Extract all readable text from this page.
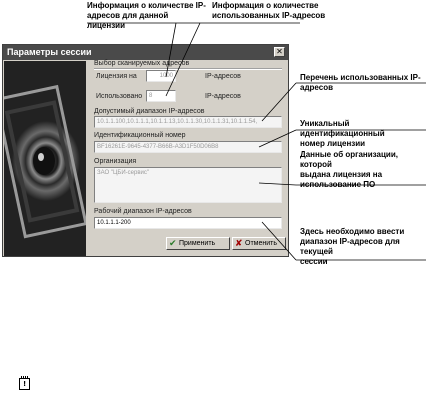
Информация о количестве IP-
адресов для данной лицензии
Информация о количестве
использованных IP-адресов
Перечень использованных IP-
адресов
Уникальный идентификационный
номер лицензии
Данные об организации, которой
выдана лицензия на
использование ПО
Здесь необходимо ввести
диапазон IP-адресов для текущей
сессии
Параметры сессии	✕
Выбор сканируемых адресов
Лицензия на	1000	IP-адресов
Использовано	8	IP-адресов
Допустимый диапазон IP-адресов
10.1.1.100,10.1.1.1,10.1.1.13,10.1.1.30,10.1.1.31,10.1.1.54,
Идентификационный номер
BF16261E-9645-4377-B66B-A3D1F50D06B8
Организация
ЗАО "ЦБИ-сервис"
Рабочий диапазон IP-адресов
10.1.1.1-200
✔ Применить ✘ Отменить
!
